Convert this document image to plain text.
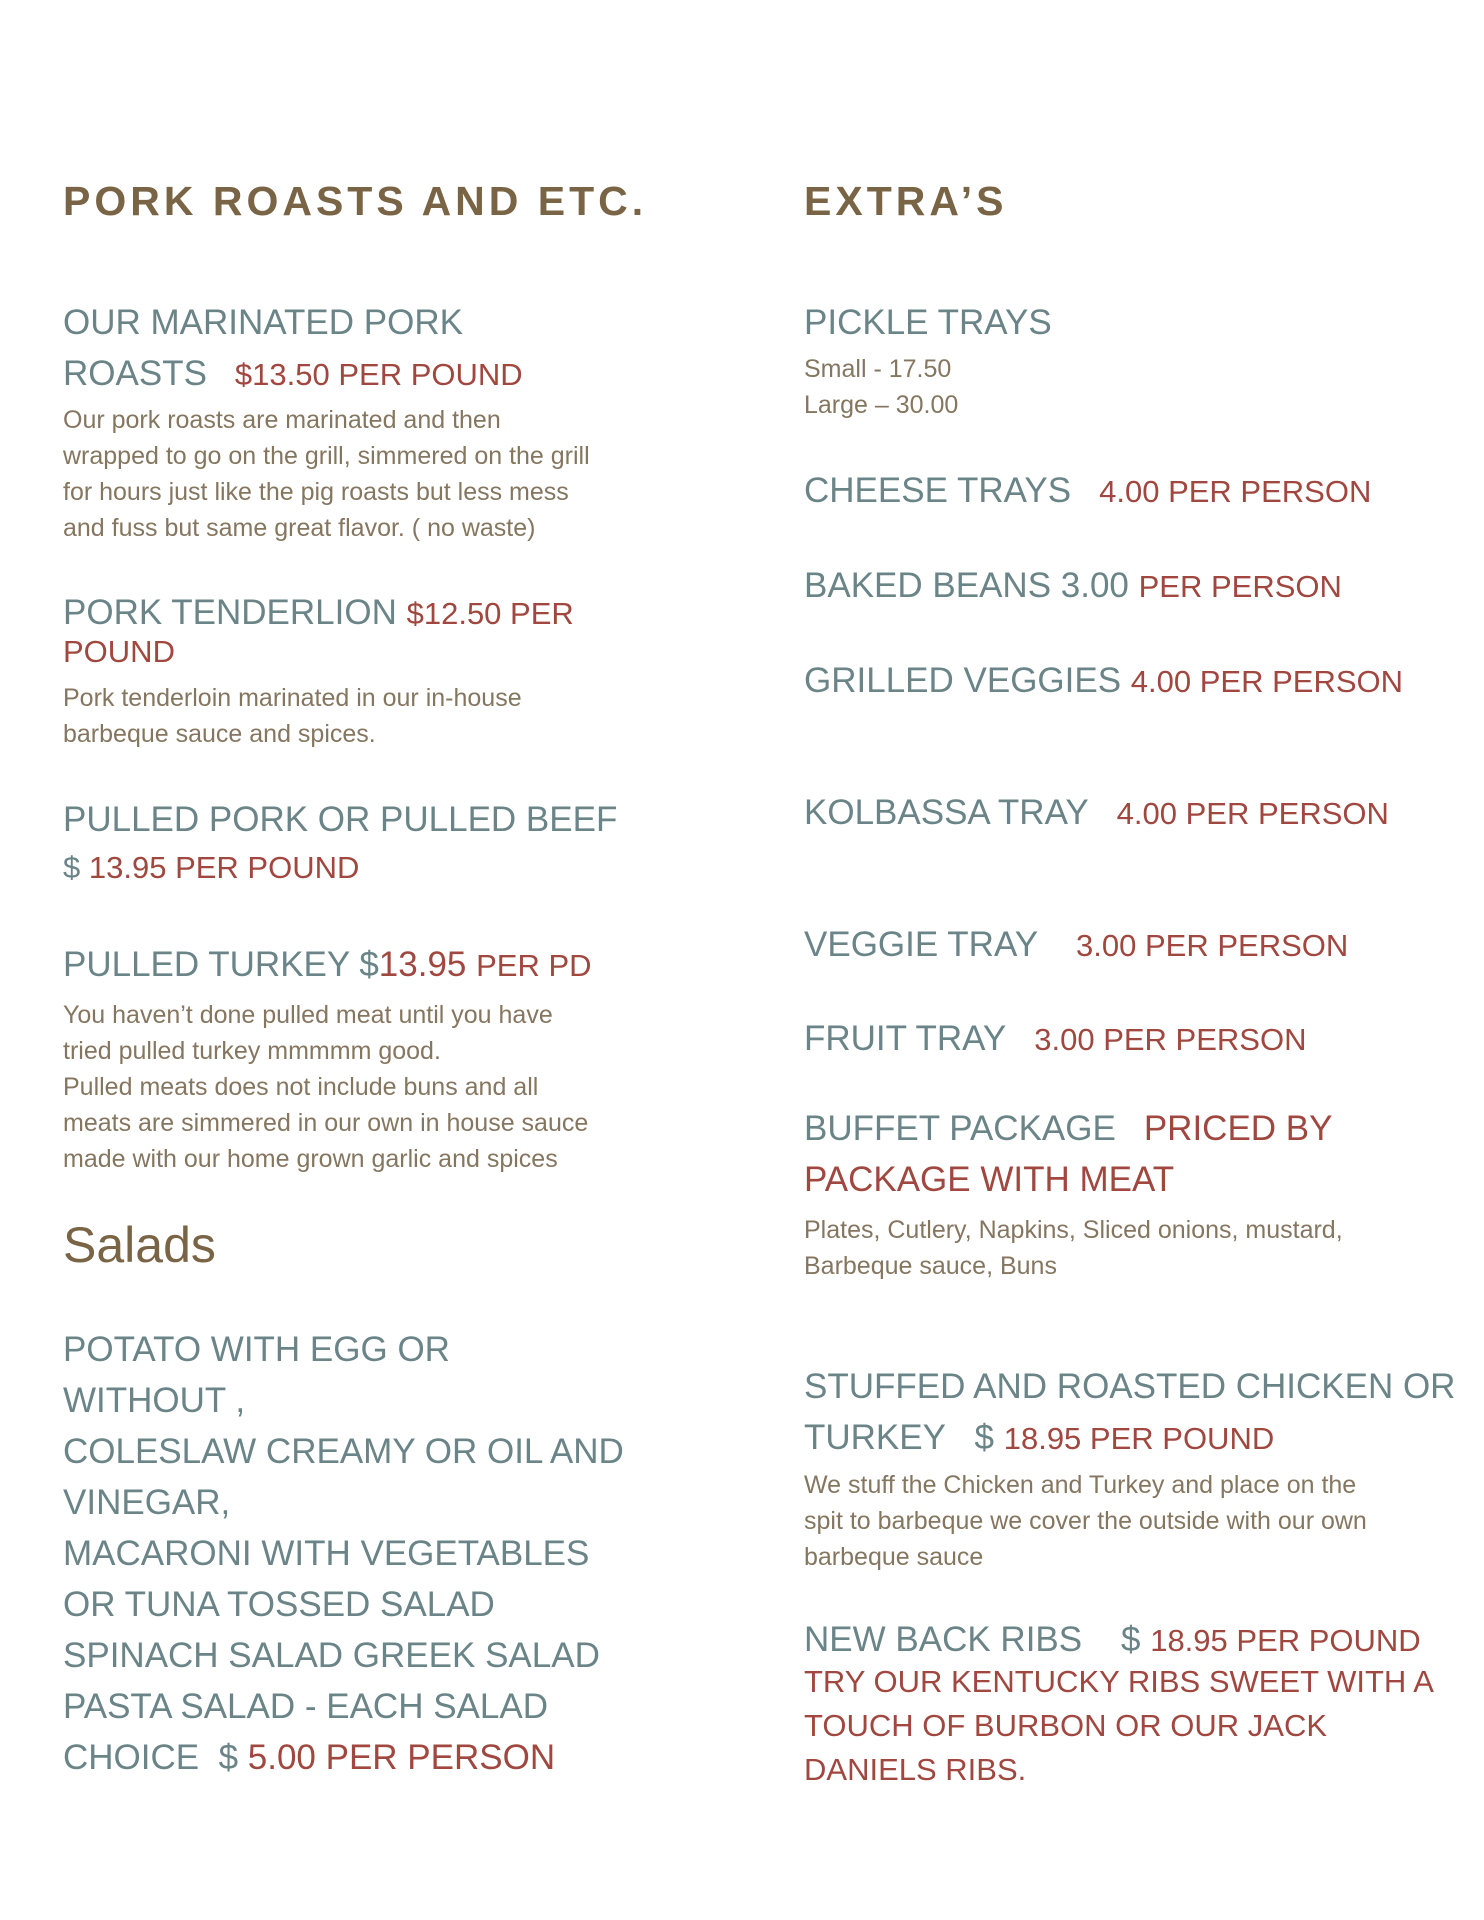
PORK ROASTS AND ETC.
OUR MARINATED PORK
ROASTS $13.50 PER POUND
Our pork roasts are marinated and then
wrapped to go on the grill, simmered on the grill
for hours just like the pig roasts but less mess
and fuss but same great flavor. ( no waste)
PORK TENDERLION $12.50 PER
POUND
Pork tenderloin marinated in our in-house
barbeque sauce and spices.
PULLED PORK OR PULLED BEEF
$ 13.95 PER POUND
PULLED TURKEY $13.95 PER PD
You haven’t done pulled meat until you have
tried pulled turkey mmmmm good.
Pulled meats does not include buns and all
meats are simmered in our own in house sauce
made with our home grown garlic and spices
Salads
POTATO WITH EGG OR
WITHOUT ,
COLESLAW CREAMY OR OIL AND
VINEGAR,
MACARONI WITH VEGETABLES
OR TUNA TOSSED SALAD
SPINACH SALAD GREEK SALAD
PASTA SALAD - EACH SALAD
CHOICE  $ 5.00 PER PERSON
EXTRA’S
PICKLE TRAYS
Small - 17.50
Large – 30.00
CHEESE TRAYS 4.00 PER PERSON
BAKED BEANS 3.00 PER PERSON
GRILLED VEGGIES 4.00 PER PERSON
KOLBASSA TRAY 4.00 PER PERSON
VEGGIE TRAY 3.00 PER PERSON
FRUIT TRAY 3.00 PER PERSON
BUFFET PACKAGE PRICED BY
PACKAGE WITH MEAT
Plates, Cutlery, Napkins, Sliced onions, mustard,
Barbeque sauce, Buns
STUFFED AND ROASTED CHICKEN OR
TURKEY   $ 18.95 PER POUND
We stuff the Chicken and Turkey and place on the
spit to barbeque we cover the outside with our own
barbeque sauce
NEW BACK RIBS    $ 18.95 PER POUND
TRY OUR KENTUCKY RIBS SWEET WITH A
TOUCH OF BURBON OR OUR JACK
DANIELS RIBS.
